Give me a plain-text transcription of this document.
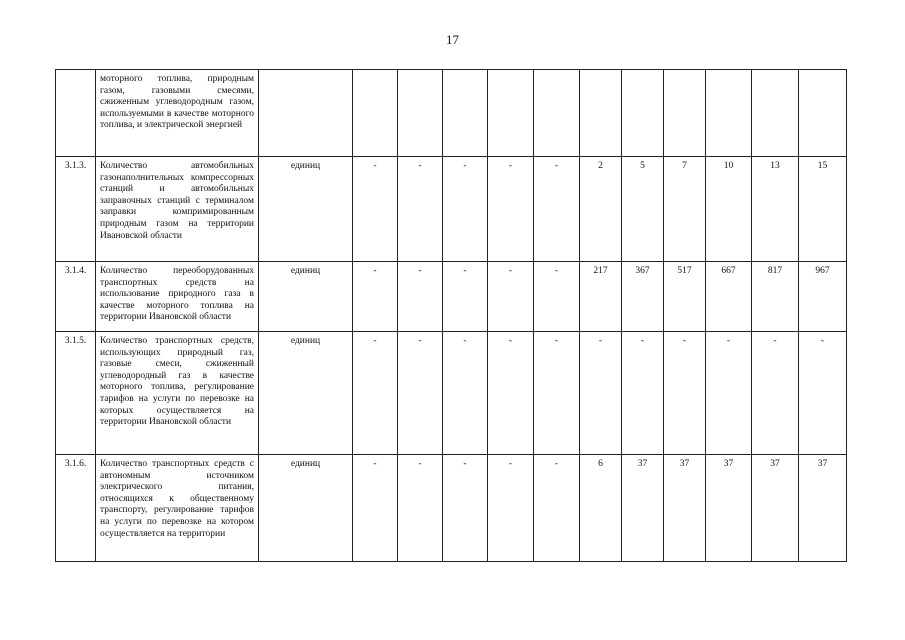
17
	моторного топлива, природным газом, газовыми смесями, сжиженным углеводородным газом, используемыми в качестве моторного топлива, и электрической энергией												
3.1.3.	Количество автомобильных газонаполнительных компрессорных станций и автомобильных заправочных станций с терминалом заправки компримированным природным газом на территории Ивановской области	единиц	-	-	-	-	-	2	5	7	10	13	15
3.1.4.	Количество переоборудованных транспортных средств на использование природного газа в качестве моторного топлива на территории Ивановской области	единиц	-	-	-	-	-	217	367	517	667	817	967
3.1.5.	Количество транспортных средств, использующих природный газ, газовые смеси, сжиженный углеводородный газ в качестве моторного топлива, регулирование тарифов на услуги по перевозке на которых осуществляется на территории Ивановской области	единиц	-	-	-	-	-	-	-	-	-	-	-
3.1.6.	Количество транспортных средств с автономным источником электрического питания, относящихся к общественному транспорту, регулирование тарифов на услуги по перевозке на котором осуществляется на территории	единиц	-	-	-	-	-	6	37	37	37	37	37
